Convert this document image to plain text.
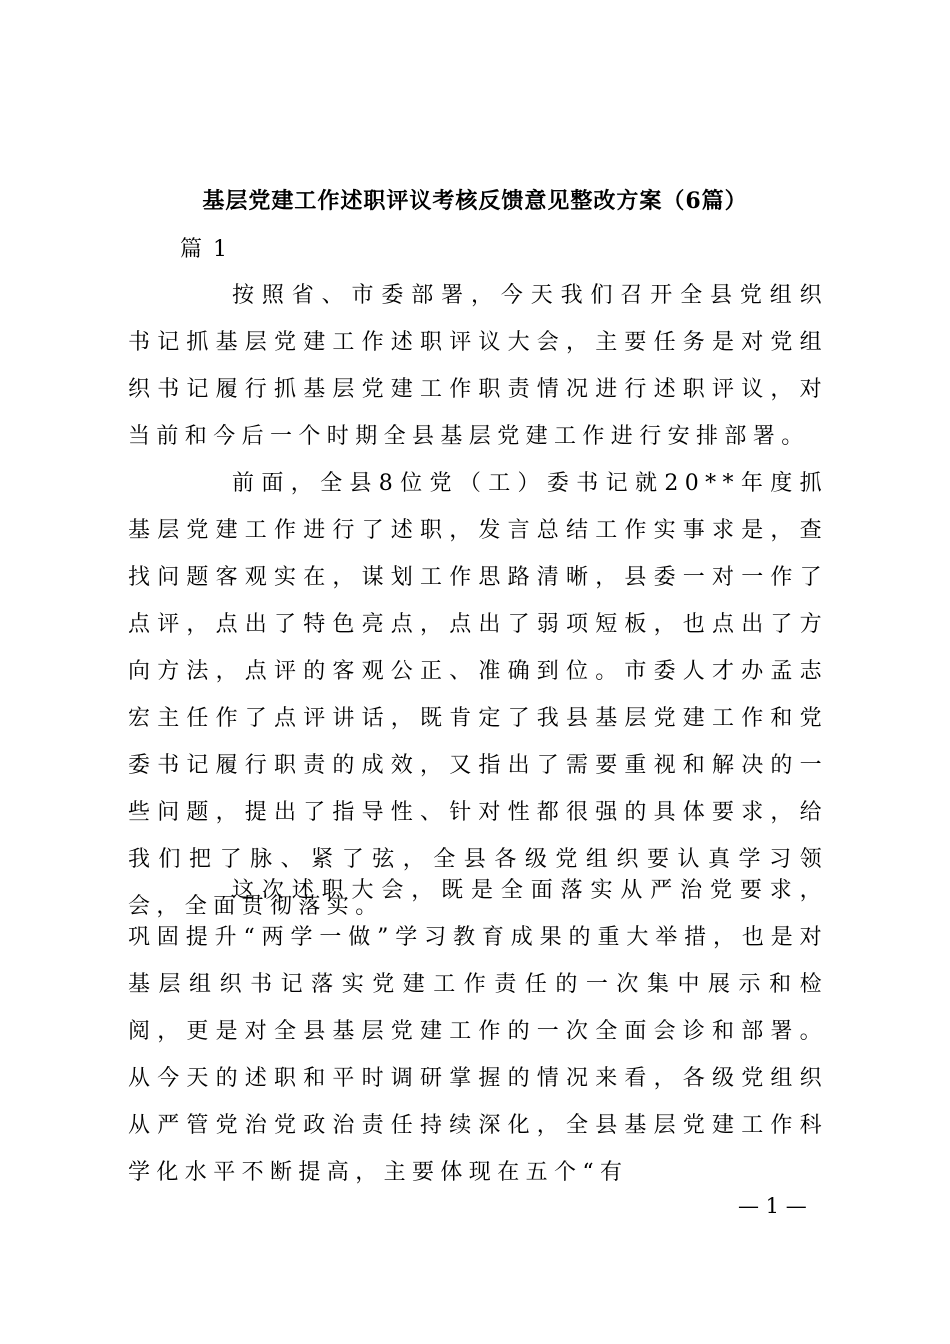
基层党建工作述职评议考核反馈意见整改方案（6篇）
篇 1

按照省、市委部署，今天我们召开全县党组织书记抓基层党建工作述职评议大会，主要任务是对党组织书记履行抓基层党建工作职责情况进行述职评议，对当前和今后一个时期全县基层党建工作进行安排部署。

前面，全县8位党（工）委书记就20**年度抓基层党建工作进行了述职，发言总结工作实事求是，查找问题客观实在，谋划工作思路清晰，县委一对一作了点评，点出了特色亮点，点出了弱项短板，也点出了方向方法，点评的客观公正、准确到位。市委人才办孟志宏主任作了点评讲话，既肯定了我县基层党建工作和党委书记履行职责的成效，又指出了需要重视和解决的一些问题，提出了指导性、针对性都很强的具体要求，给我们把了脉、紧了弦，全县各级党组织要认真学习领会，全面贯彻落实。

这次述职大会，既是全面落实从严治党要求，巩固提升“两学一做”学习教育成果的重大举措，也是对基层组织书记落实党建工作责任的一次集中展示和检阅，更是对全县基层党建工作的一次全面会诊和部署。从今天的述职和平时调研掌握的情况来看，各级党组织从严管党治党政治责任持续深化，全县基层党建工作科学化水平不断提高，主要体现在五个“有

— 1 —
